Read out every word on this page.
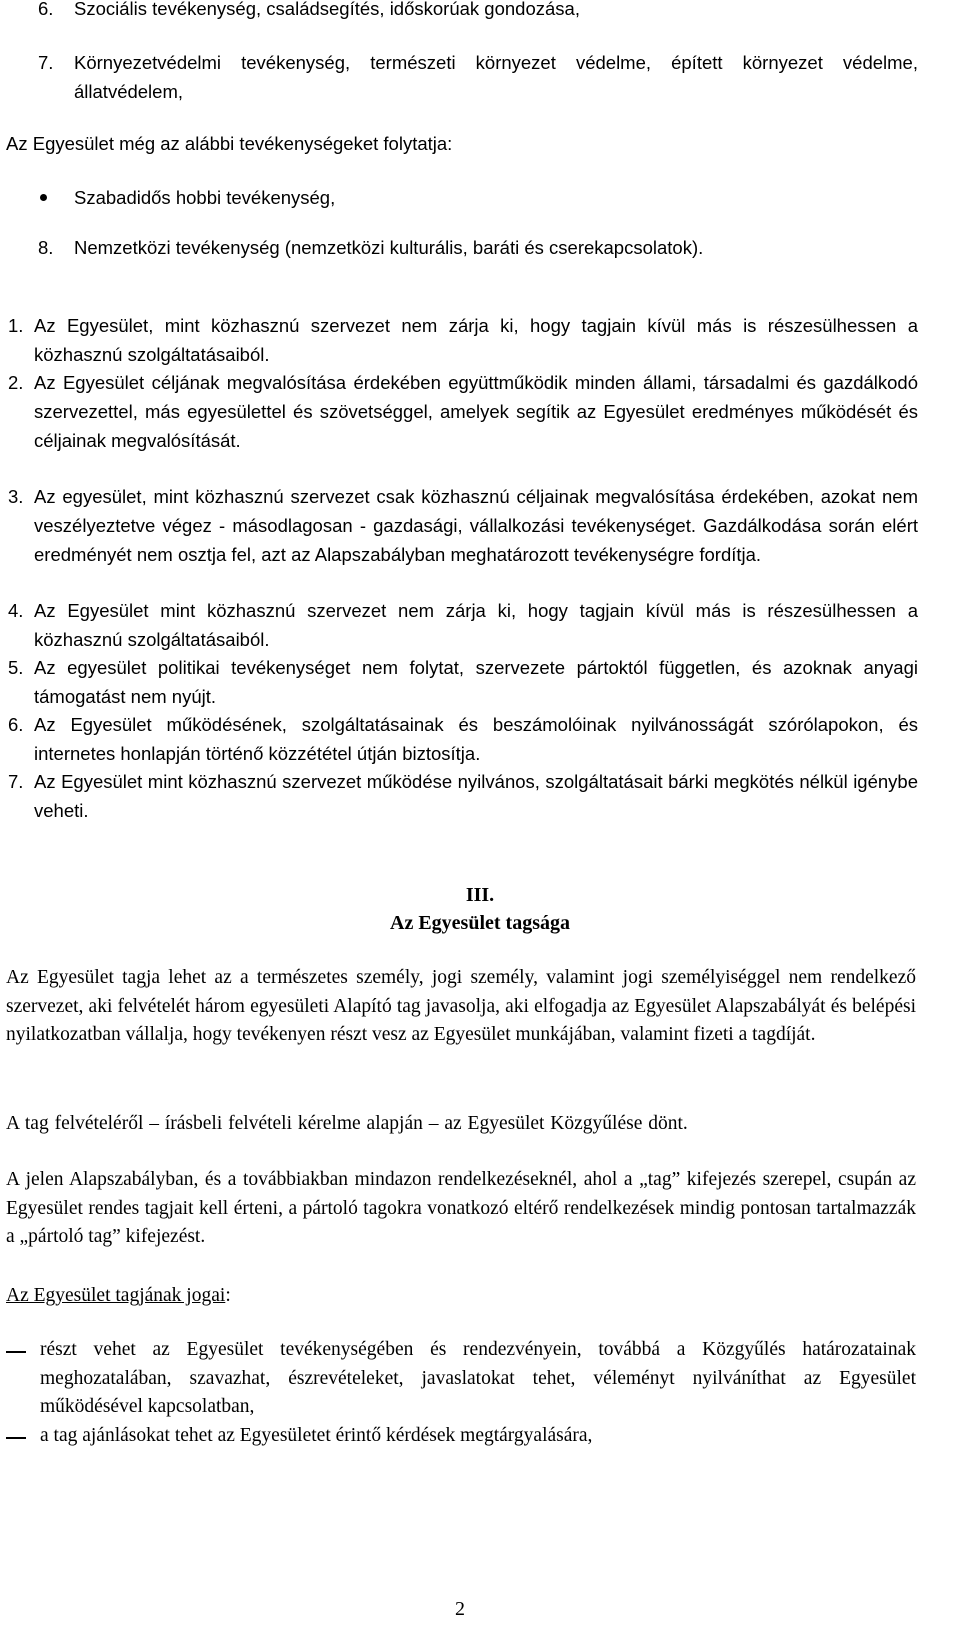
6. Szociális tevékenység, családsegítés, időskorúak gondozása,
7. Környezetvédelmi tevékenység, természeti környezet védelme, épített környezet védelme, állatvédelem,

Az Egyesület még az alábbi tevékenységeket folytatja:

Szabadidős hobbi tevékenység,
8. Nemzetközi tevékenység (nemzetközi kulturális, baráti és cserekapcsolatok).
III.
Az Egyesület tagsága

Az Egyesület tagja lehet az a természetes személy, jogi személy, valamint jogi személyiséggel nem rendelkező szervezet, aki felvételét három egyesületi Alapító tag javasolja, aki elfogadja az Egyesület Alapszabályát és belépési nyilatkozatban vállalja, hogy tevékenyen részt vesz az Egyesület munkájában, valamint fizeti a tagdíját.

A tag felvételéről – írásbeli felvételi kérelme alapján – az Egyesület Közgyűlése dönt.

A jelen Alapszabályban, és a továbbiakban mindazon rendelkezéseknél, ahol a „tag” kifejezés szerepel, csupán az Egyesület rendes tagjait kell érteni, a pártoló tagokra vonatkozó eltérő rendelkezések mindig pontosan tartalmazzák a „pártoló tag” kifejezést.

Az Egyesület tagjának jogai:

részt vehet az Egyesület tevékenységében és rendezvényein, továbbá a Közgyűlés határozatainak meghozatalában, szavazhat, észrevételeket, javaslatokat tehet, véleményt nyilváníthat az Egyesület működésével kapcsolatban,
a tag ajánlásokat tehet az Egyesületet érintő kérdések megtárgyalására,
2
1. Az Egyesület, mint közhasznú szervezet nem zárja ki, hogy tagjain kívül más is részesülhessen a közhasznú szolgáltatásaiból.
2. Az Egyesület céljának megvalósítása érdekében együttműködik minden állami, társadalmi és gazdálkodó szervezettel, más egyesülettel és szövetséggel, amelyek segítik az Egyesület eredményes működését és céljainak megvalósítását.
3. Az egyesület, mint közhasznú szervezet csak közhasznú céljainak megvalósítása érdekében, azokat nem veszélyeztetve végez - másodlagosan - gazdasági, vállalkozási tevékenységet. Gazdálkodása során elért eredményét nem osztja fel, azt az Alapszabályban meghatározott tevékenységre fordítja.
4. Az Egyesület mint közhasznú szervezet nem zárja ki, hogy tagjain kívül más is részesülhessen a közhasznú szolgáltatásaiból.
5. Az egyesület politikai tevékenységet nem folytat, szervezete pártoktól független, és azoknak anyagi támogatást nem nyújt.
6. Az Egyesület működésének, szolgáltatásainak és beszámolóinak nyilvánosságát szórólapokon, és internetes honlapján történő közzététel útján biztosítja.
7. Az Egyesület mint közhasznú szervezet működése nyilvános, szolgáltatásait bárki megkötés nélkül igénybe veheti.
